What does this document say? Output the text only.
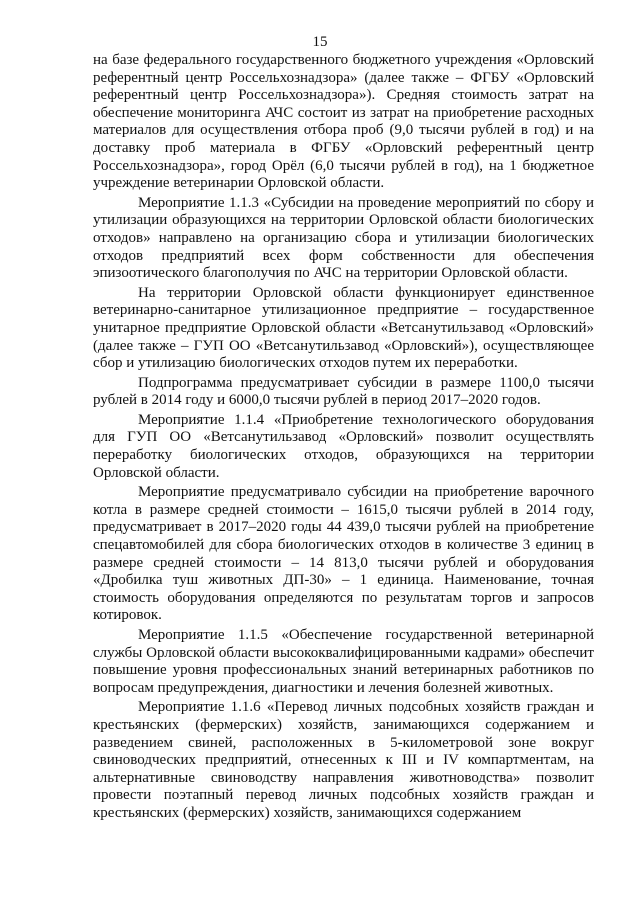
15

на базе федерального государственного бюджетного учреждения «Орловский референтный центр Россельхознадзора» (далее также – ФГБУ «Орловский референтный центр Россельхознадзора»). Средняя стоимость затрат на обеспечение мониторинга АЧС состоит из затрат на приобретение расходных материалов для осуществления отбора проб (9,0 тысячи рублей в год) и на доставку проб материала в ФГБУ «Орловский референтный центр Россельхознадзора», город Орёл (6,0 тысячи рублей в год), на 1 бюджетное учреждение ветеринарии Орловской области.

Мероприятие 1.1.3 «Субсидии на проведение мероприятий по сбору и утилизации образующихся на территории Орловской области биологических отходов» направлено на организацию сбора и утилизации биологических отходов предприятий всех форм собственности для обеспечения эпизоотического благополучия по АЧС на территории Орловской области.

На территории Орловской области функционирует единственное ветеринарно-санитарное утилизационное предприятие – государственное унитарное предприятие Орловской области «Ветсанутильзавод «Орловский» (далее также – ГУП ОО «Ветсанутильзавод «Орловский»), осуществляющее сбор и утилизацию биологических отходов путем их переработки.

Подпрограмма предусматривает субсидии в размере 1100,0 тысячи рублей в 2014 году и 6000,0 тысячи рублей в период 2017–2020 годов.

Мероприятие 1.1.4 «Приобретение технологического оборудования для ГУП ОО «Ветсанутильзавод «Орловский» позволит осуществлять переработку биологических отходов, образующихся на территории Орловской области.

Мероприятие предусматривало субсидии на приобретение варочного котла в размере средней стоимости – 1615,0 тысячи рублей в 2014 году, предусматривает в 2017–2020 годы 44 439,0 тысячи рублей на приобретение спецавтомобилей для сбора биологических отходов в количестве 3 единиц в размере средней стоимости – 14 813,0 тысячи рублей и оборудования «Дробилка туш животных ДП-30» – 1 единица. Наименование, точная стоимость оборудования определяются по результатам торгов и запросов котировок.

Мероприятие 1.1.5 «Обеспечение государственной ветеринарной службы Орловской области высококвалифицированными кадрами» обеспечит повышение уровня профессиональных знаний ветеринарных работников по вопросам предупреждения, диагностики и лечения болезней животных.

Мероприятие 1.1.6 «Перевод личных подсобных хозяйств граждан и крестьянских (фермерских) хозяйств, занимающихся содержанием и разведением свиней, расположенных в 5-километровой зоне вокруг свиноводческих предприятий, отнесенных к III и IV компартментам, на альтернативные свиноводству направления животноводства» позволит провести поэтапный перевод личных подсобных хозяйств граждан и крестьянских (фермерских) хозяйств, занимающихся содержанием
